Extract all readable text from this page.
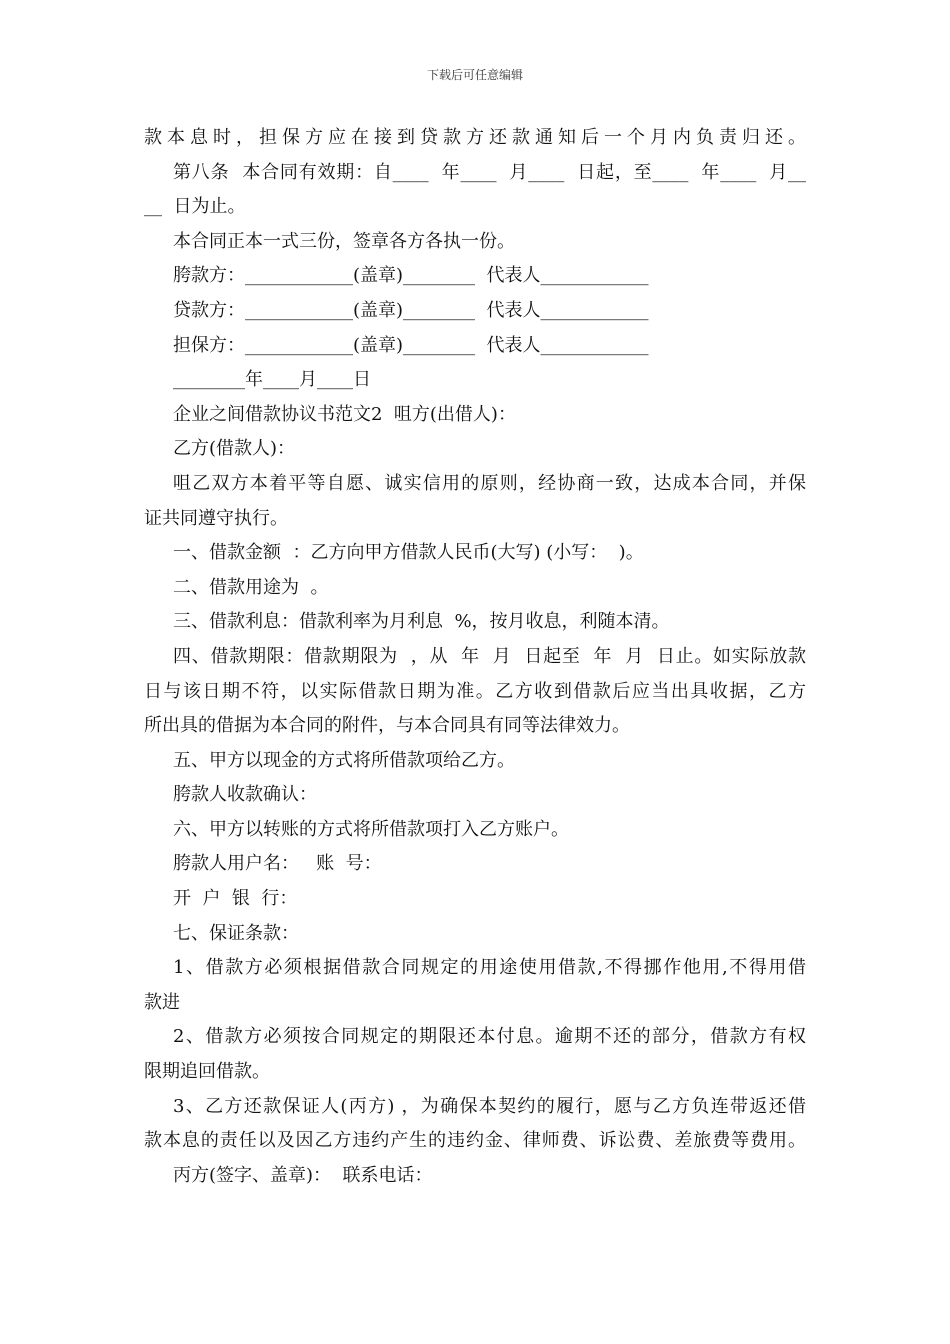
下载后可任意编辑
款本息时，担保方应在接到贷款方还款通知后一个月内负责归还。
第八条  本合同有效期：自____  年____  月____  日起，至____  年____  月__
__  日为止。
本合同正本一式三份，签章各方各执一份。
胯款方：____________(盖章)________  代表人____________
贷款方：____________(盖章)________  代表人____________
担保方：____________(盖章)________  代表人____________
________年____月____日
企业之间借款协议书范文2  咀方(出借人)：
乙方(借款人)：
咀乙双方本着平等自愿、诚实信用的原则，经协商一致，达成本合同，并保
证共同遵守执行。
一、借款金额  ：乙方向甲方借款人民币(大写) (小写：  )。
二、借款用途为  。
三、借款利息：借款利率为月利息  %，按月收息，利随本清。
四、借款期限：借款期限为  ，从  年  月  日起至  年  月  日止。如实际放款
日与该日期不符，以实际借款日期为准。乙方收到借款后应当出具收据，乙方
所出具的借据为本合同的附件，与本合同具有同等法律效力。
五、甲方以现金的方式将所借款项给乙方。
胯款人收款确认：
六、甲方以转账的方式将所借款项打入乙方账户。
胯款人用户名：   账  号：
开  户  银  行：
七、保证条款：
1、借款方必须根据借款合同规定的用途使用借款,不得挪作他用,不得用借
款进
2、借款方必须按合同规定的期限还本付息。逾期不还的部分，借款方有权
限期追回借款。
3、乙方还款保证人(丙方) ，为确保本契约的履行，愿与乙方负连带返还借
款本息的责任以及因乙方违约产生的违约金、律师费、诉讼费、差旅费等费用。
丙方(签字、盖章)：  联系电话：
